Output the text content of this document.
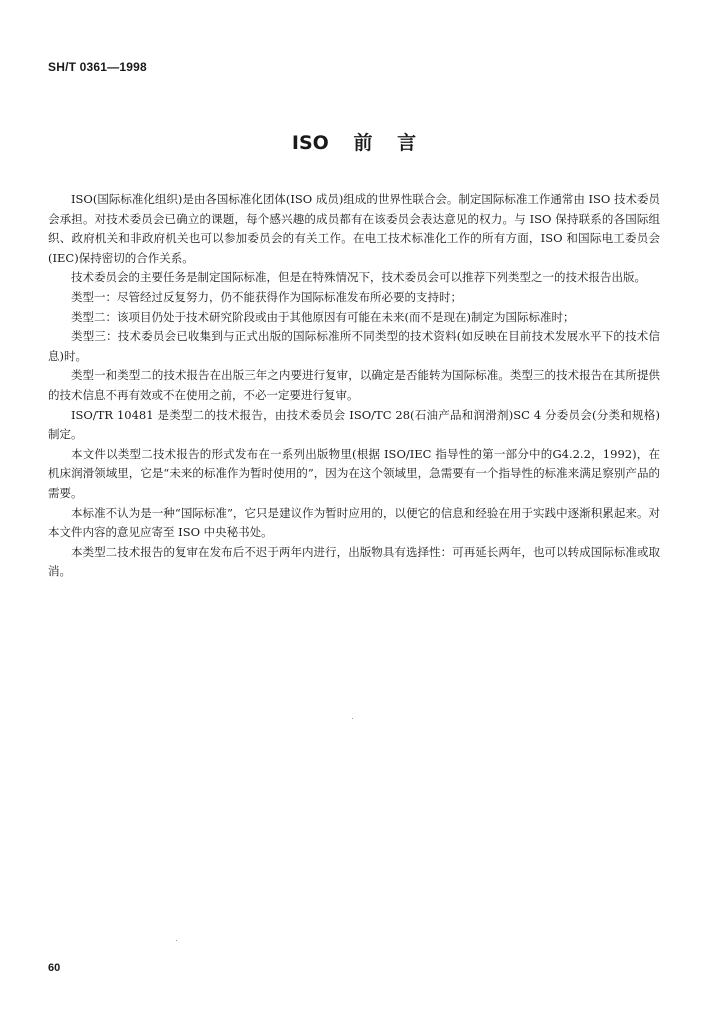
SH/T 0361—1998
ISO 前 言

ISO(国际标准化组织)是由各国标准化团体(ISO 成员)组成的世界性联合会。制定国际标准工作通常由 ISO 技术委员会承担。对技术委员会已确立的课题，每个感兴趣的成员都有在该委员会表达意见的权力。与 ISO 保持联系的各国际组织、政府机关和非政府机关也可以参加委员会的有关工作。在电工技术标准化工作的所有方面，ISO 和国际电工委员会(IEC)保持密切的合作关系。

技术委员会的主要任务是制定国际标准，但是在特殊情况下，技术委员会可以推荐下列类型之一的技术报告出版。

类型一：尽管经过反复努力，仍不能获得作为国际标准发布所必要的支持时；

类型二：该项目仍处于技术研究阶段或由于其他原因有可能在未来(而不是现在)制定为国际标准时；

类型三：技术委员会已收集到与正式出版的国际标准所不同类型的技术资料(如反映在目前技术发展水平下的技术信息)时。

类型一和类型二的技术报告在出版三年之内要进行复审，以确定是否能转为国际标准。类型三的技术报告在其所提供的技术信息不再有效或不在使用之前，不必一定要进行复审。

ISO/TR 10481 是类型二的技术报告，由技术委员会 ISO/TC 28(石油产品和润滑剂)SC 4 分委员会(分类和规格)制定。

本文件以类型二技术报告的形式发布在一系列出版物里(根据 ISO/IEC 指导性的第一部分中的G4.2.2，1992)，在机床润滑领域里，它是“未来的标准作为暂时使用的”，因为在这个领域里，急需要有一个指导性的标准来满足察别产品的需要。

本标准不认为是一种“国际标准”，它只是建议作为暂时应用的，以便它的信息和经验在用于实践中逐渐积累起来。对本文件内容的意见应寄至 ISO 中央秘书处。

本类型二技术报告的复审在发布后不迟于两年内进行，出版物具有选择性：可再延长两年，也可以转成国际标准或取消。

60
